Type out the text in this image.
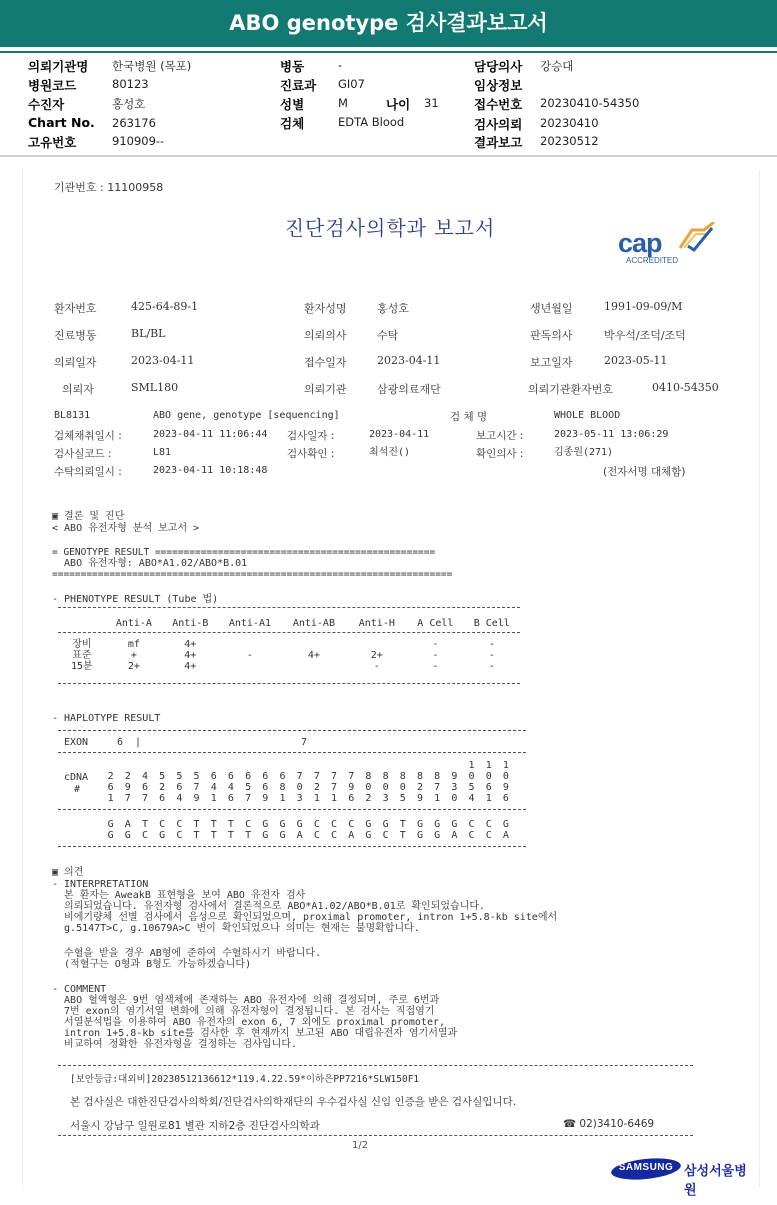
ABO genotype 검사결과보고서
의뢰기관명 한국병원 (목포)
병원코드	80123
수진자	홍성호
Chart No. 263176
고유번호	910909--
병동	-
진료과 GI07
성별	M	나이 31
검체	EDTA Blood
담당의사 강승대
임상정보
접수번호 20230410-54350
검사의뢰 20230410
결과보고 20230512
기관번호 : 11100958
진단검사의학과 보고서	cap
ACCREDITED
환자번호	425-64-89-1	환자성명	홍성호	생년월일	1991-09-09/M
진료병동	BL/BL	의뢰의사	수탁	판독의사	박우석/조덕/조덕
의뢰일자	2023-04-11	접수일자	2023-04-11	보고일자	2023-05-11
의뢰자	SML180	의뢰기관	삼광의료재단	의뢰기관환자번호	0410-54350
BL8131	ABO gene, genotype [sequencing]	검 체 명	WHOLE BLOOD
검체채취일시 :	2023-04-11 11:06:44 검사일자 :	2023-04-11	보고시간 :	2023-05-11 13:06:29
검사실코드 :	L81	검사확인 :	최석진()	확인의사 :	김종원(271)
수탁의뢰일시 :	2023-04-11 10:18:48	(전자서명 대체함)
▣ 결론 및 진단
< ABO 유전자형 분석 보고서 >
= GENOTYPE RESULT =================================================
ABO 유전자형: ABO*A1.02/ABO*B.01
======================================================================
- PHENOTYPE RESULT (Tube 법)
	Anti-A	Anti-B	Anti-A1	Anti-AB	Anti-H	A Cell	B Cell

장비	mf	4+				-	-
표준	+	4+	-	4+	2+	-	-
15분	2+	4+			-	-	-
- HAPLOTYPE RESULT
EXON	6  |	7
cDNA
#
																					1	1	1
2	2	4	5	5	5	6	6	6	6	6	7	7	7	7	8	8	8	8	8	9	0	0	0
6	9	6	2	6	7	4	4	5	6	8	0	2	7	9	0	0	0	2	7	3	5	6	9
1	7	7	6	4	9	1	6	7	9	1	3	1	1	6	2	3	5	9	1	0	4	1	6
G	A	T	C	C	T	T	T	C	G	G	G	C	C	C	G	G	T	G	G	G	C	C	G
G	G	C	G	C	T	T	T	T	G	G	A	C	C	A	G	C	T	G	G	A	C	C	A
▣ 의견
- INTERPRETATION
본 환자는 AweakB 표현형을 보여 ABO 유전자 검사
의뢰되었습니다. 유전자형 검사에서 결론적으로 ABO*A1.02/ABO*B.01로 확인되었습니다.
비에기량체 선별 검사에서 음성으로 확인되었으며, proximal promoter, intron 1+5.8-kb site에서
g.5147T>C, g.10679A>C 변이 확인되었으나 의미는 현재는 불명확합니다.
수혈을 받을 경우 AB형에 준하여 수혈하시기 바랍니다.
(적혈구는 O형과 B형도 가능하겠습니다)
- COMMENT
ABO 혈액형은 9번 염색체에 존재하는 ABO 유전자에 의해 결정되며, 주로 6번과
7번 exon의 염기서열 변화에 의해 유전자형이 결정됩니다. 본 검사는 직접염기
서열분석법을 이용하여 ABO 유전자의 exon 6, 7 외에도 proximal promoter,
intron 1+5.8-kb site를 검사한 후 현재까지 보고된 ABO 대립유전자 염기서열과
비교하여 정확한 유전자형을 결정하는 검사입니다.
[보안등급:대외비]20230512136612*119.4.22.59*이하은PP7216*SLW150F1
본 검사실은 대한진단검사의학회/진단검사의학재단의 우수검사실 신임 인증을 받은 검사실입니다.
서울시 강남구 일원로81 별관 지하2층 진단검사의학과	☎ 02)3410-6469
1/2
SAMSUNG 삼성서울병원
